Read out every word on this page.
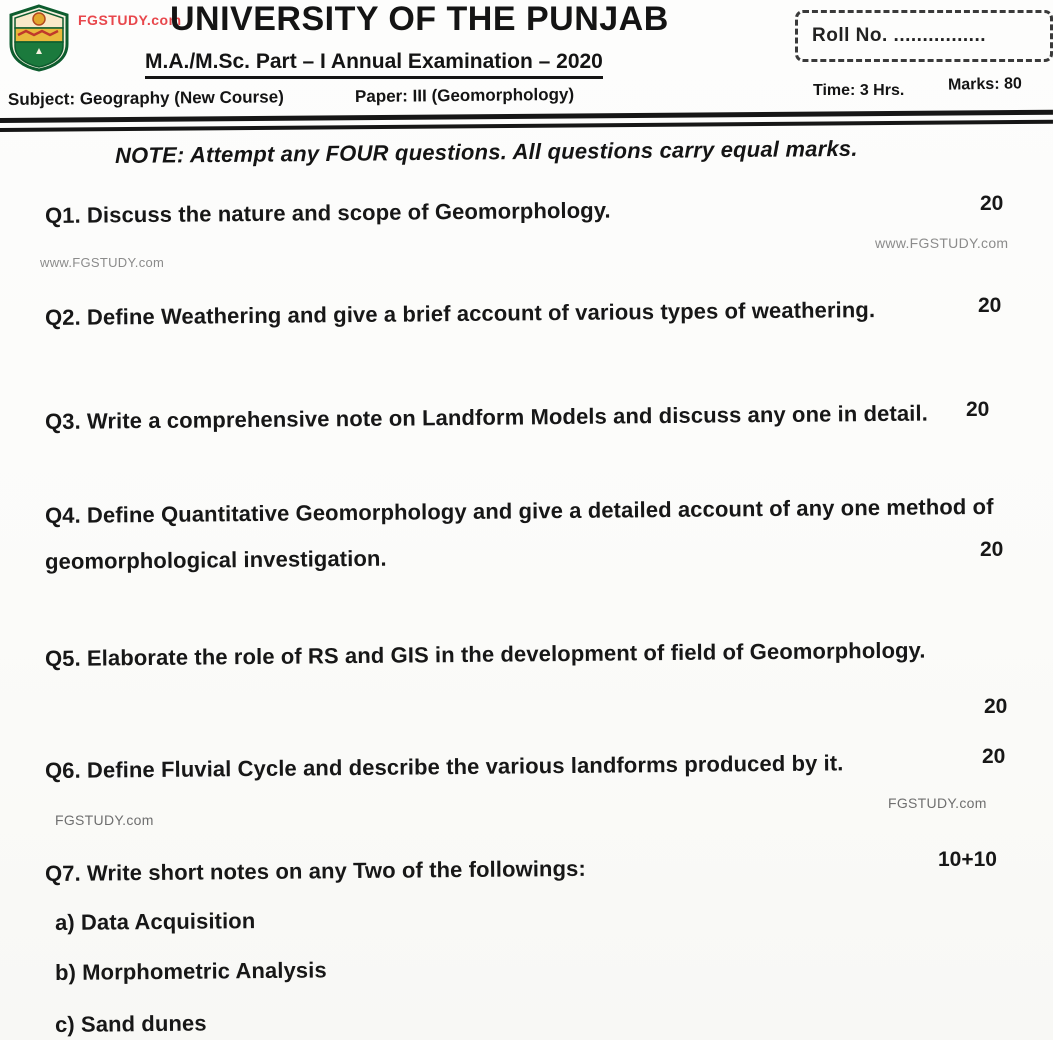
FGSTUDY.com
UNIVERSITY OF THE PUNJAB
M.A./M.Sc. Part – I Annual Examination – 2020
Subject: Geography (New Course)	Paper: III (Geomorphology)
Roll No. ................
Time: 3 Hrs.	Marks: 80
NOTE: Attempt any FOUR questions. All questions carry equal marks.
Q1. Discuss the nature and scope of Geomorphology.	20
www.FGSTUDY.com
www.FGSTUDY.com
Q2. Define Weathering and give a brief account of various types of weathering.	20
Q3. Write a comprehensive note on Landform Models and discuss any one in detail. 20
Q4. Define Quantitative Geomorphology and give a detailed account of any one method of
geomorphological investigation.	20
Q5. Elaborate the role of RS and GIS in the development of field of Geomorphology.
20
Q6. Define Fluvial Cycle and describe the various landforms produced by it.	20
FGSTUDY.com
FGSTUDY.com
Q7. Write short notes on any Two of the followings:	10+10
a) Data Acquisition
b) Morphometric Analysis
c) Sand dunes
